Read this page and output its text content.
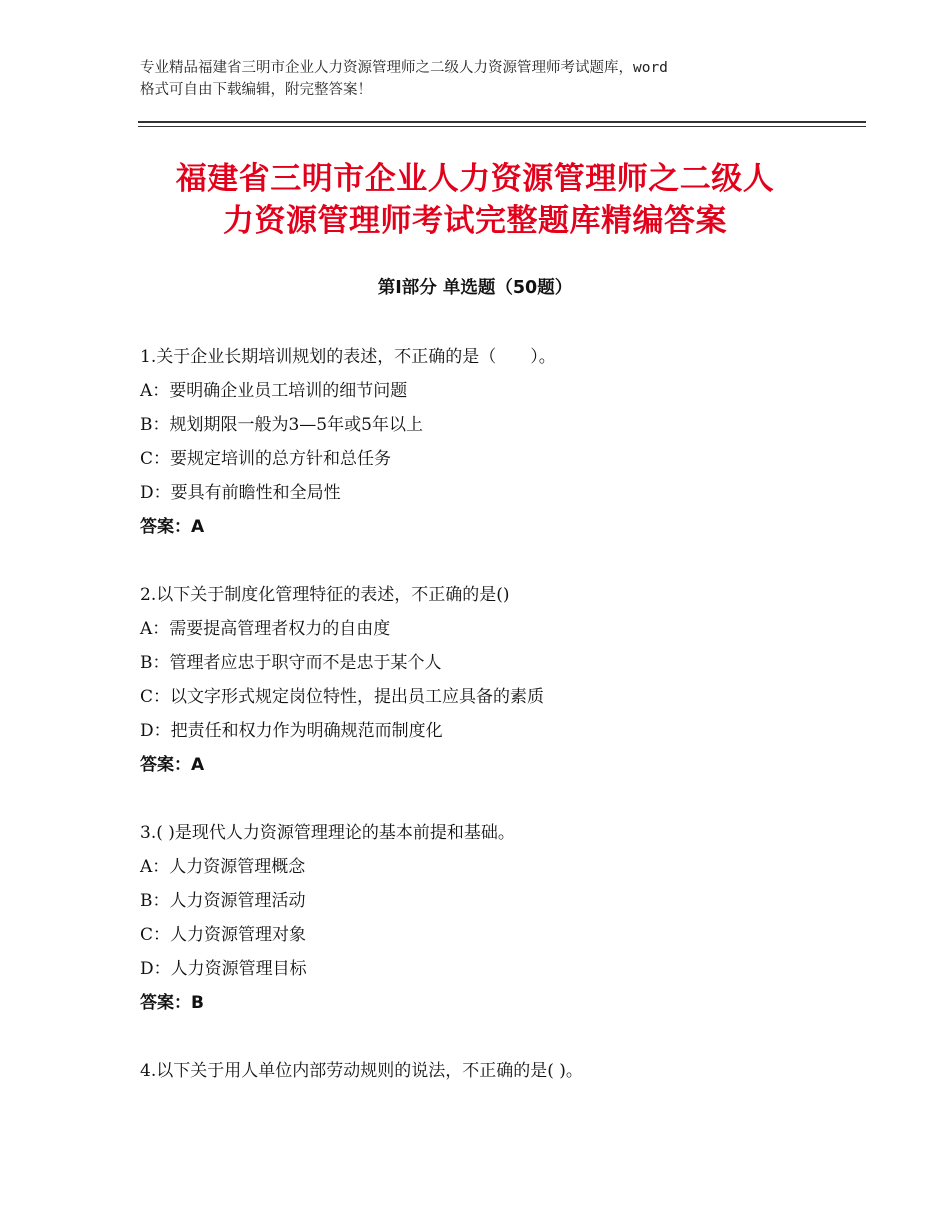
专业精品福建省三明市企业人力资源管理师之二级人力资源管理师考试题库，word
格式可自由下载编辑，附完整答案！
福建省三明市企业人力资源管理师之二级人
力资源管理师考试完整题库精编答案
第Ⅰ部分 单选题（50题）
1.关于企业长期培训规划的表述，不正确的是（　　）。
A：要明确企业员工培训的细节问题
B：规划期限一般为3—5年或5年以上
C：要规定培训的总方针和总任务
D：要具有前瞻性和全局性
答案：A
2.以下关于制度化管理特征的表述，不正确的是()
A：需要提高管理者权力的自由度
B：管理者应忠于职守而不是忠于某个人
C：以文字形式规定岗位特性，提出员工应具备的素质
D：把责任和权力作为明确规范而制度化
答案：A
3.( )是现代人力资源管理理论的基本前提和基础。
A：人力资源管理概念
B：人力资源管理活动
C：人力资源管理对象
D：人力资源管理目标
答案：B
4.以下关于用人单位内部劳动规则的说法，不正确的是( )。
